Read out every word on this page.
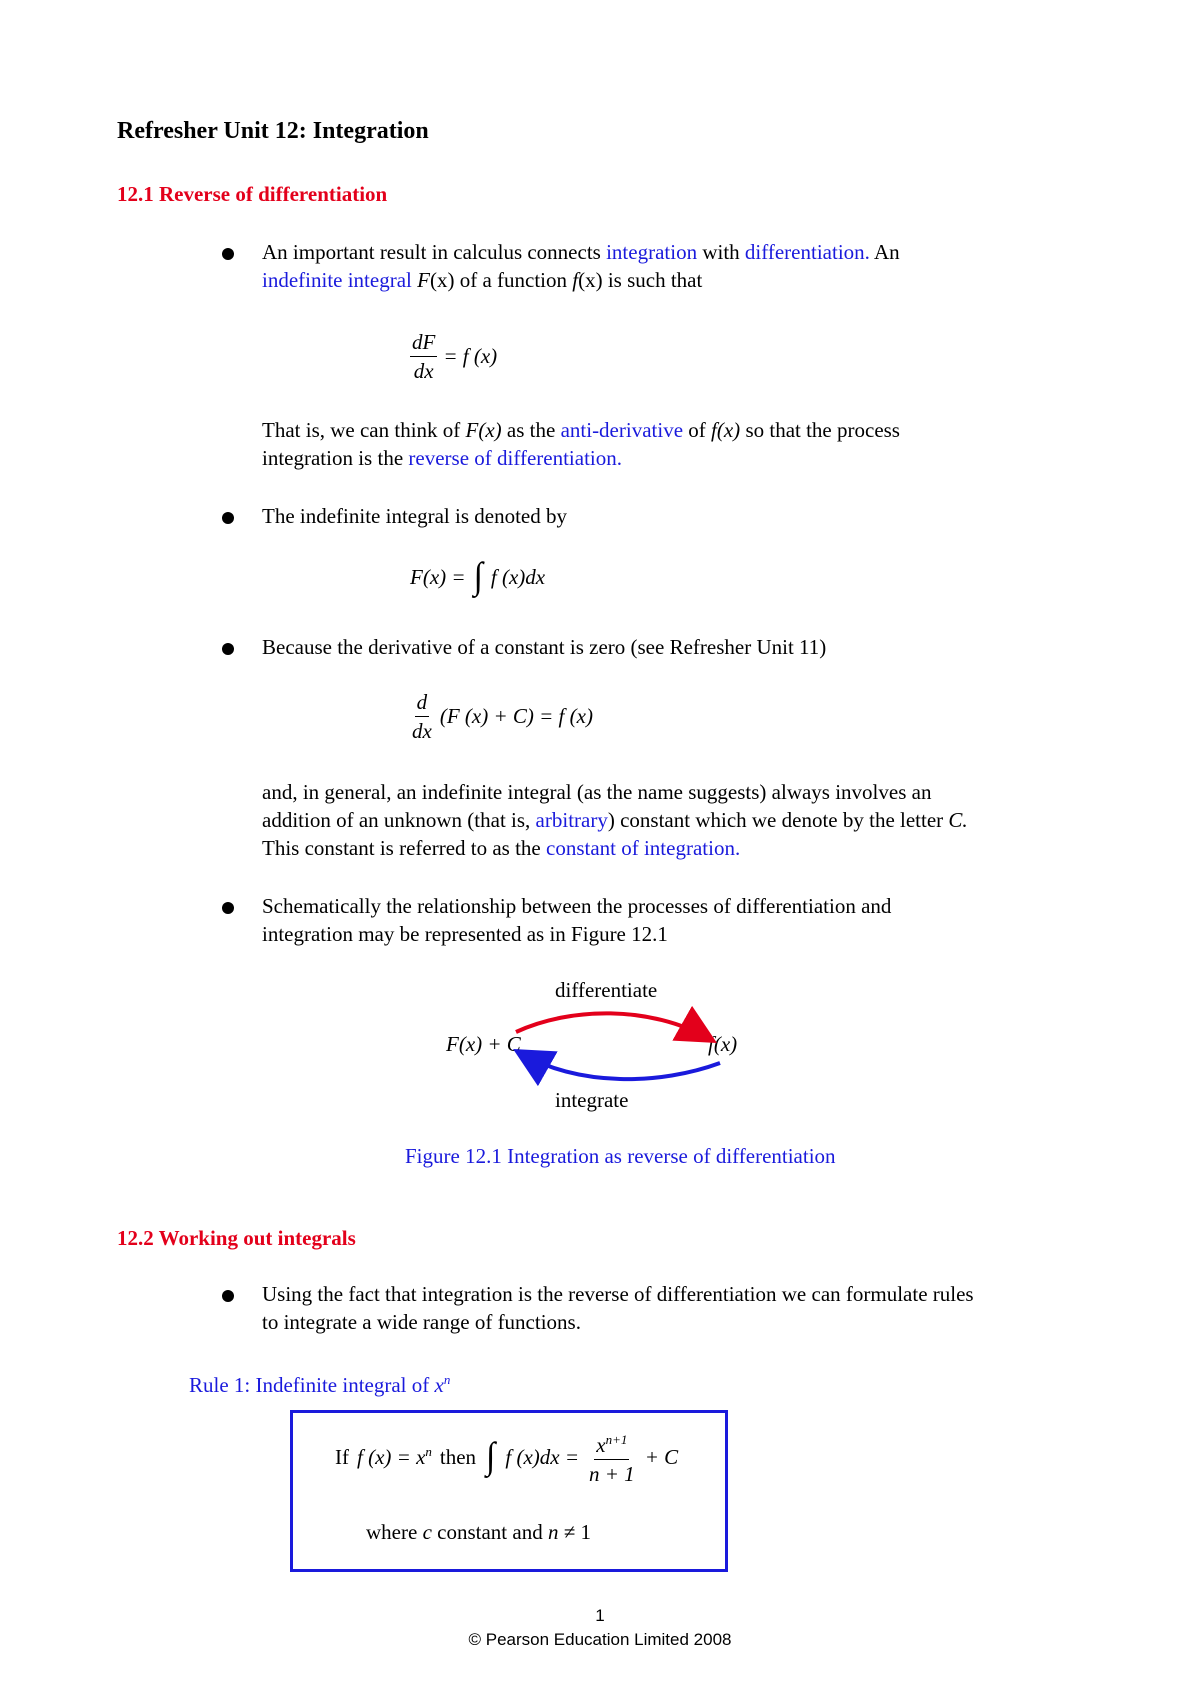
Refresher Unit 12: Integration
12.1 Reverse of differentiation
An important result in calculus connects integration with differentiation. An
indefinite integral F(x) of a function f(x) is such that
$\frac{dF}{dx} = f$ (x)
That is, we can think of F(x) as the anti-derivative of f(x) so that the process
integration is the reverse of differentiation.
The indefinite integral is denoted by
F(x) = ∫ f (x)dx
Because the derivative of a constant is zero (see Refresher Unit 11)
$\frac{d}{dx} (F$ (x) + C) = f (x)
and, in general, an indefinite integral (as the name suggests) always involves an
addition of an unknown (that is, arbitrary) constant which we denote by the letter C.
This constant is referred to as the constant of integration.
Schematically the relationship between the processes of differentiation and
integration may be represented as in Figure 12.1
differentiate
F(x) + C	f(x)
integrate
Figure 12.1 Integration as reverse of differentiation
12.2 Working out integrals
Using the fact that integration is the reverse of differentiation we can formulate rules
to integrate a wide range of functions.
Rule 1: Indefinite integral of $x^n$
If f $(x) = x^n$ then ∫ f $(x)dx = \frac{x^{n+1}}{n + 1} + C$
where c constant and n ≠ 1
1
© Pearson Education Limited 2008
